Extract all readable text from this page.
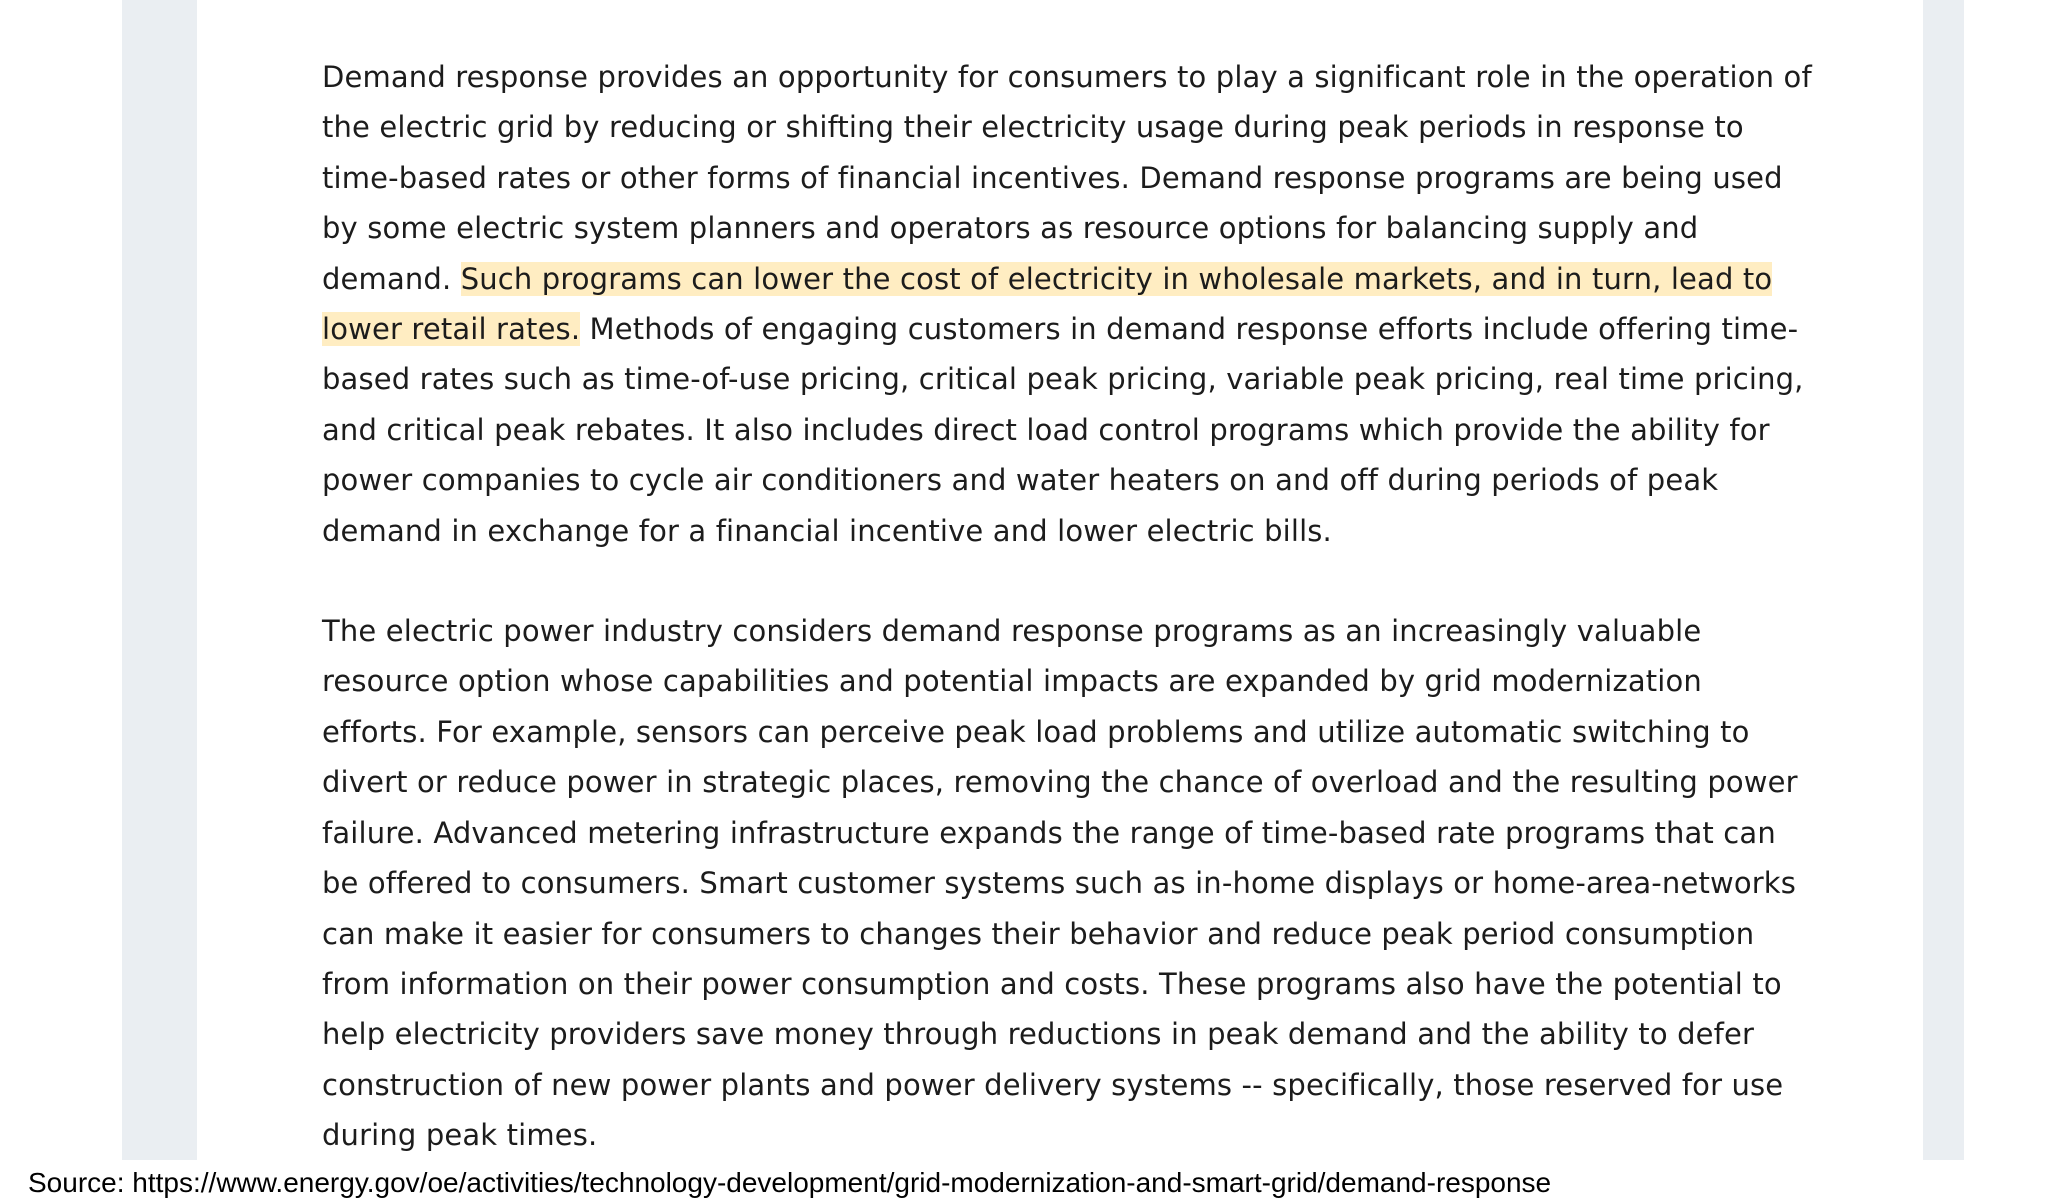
Demand response provides an opportunity for consumers to play a significant role in the operation of the electric grid by reducing or shifting their electricity usage during peak periods in response to time-based rates or other forms of financial incentives. Demand response programs are being used by some electric system planners and operators as resource options for balancing supply and demand. Such programs can lower the cost of electricity in wholesale markets, and in turn, lead to lower retail rates. Methods of engaging customers in demand response efforts include offering time-based rates such as time-of-use pricing, critical peak pricing, variable peak pricing, real time pricing, and critical peak rebates. It also includes direct load control programs which provide the ability for power companies to cycle air conditioners and water heaters on and off during periods of peak demand in exchange for a financial incentive and lower electric bills.

The electric power industry considers demand response programs as an increasingly valuable resource option whose capabilities and potential impacts are expanded by grid modernization efforts. For example, sensors can perceive peak load problems and utilize automatic switching to divert or reduce power in strategic places, removing the chance of overload and the resulting power failure. Advanced metering infrastructure expands the range of time-based rate programs that can be offered to consumers. Smart customer systems such as in-home displays or home-area-networks can make it easier for consumers to changes their behavior and reduce peak period consumption from information on their power consumption and costs. These programs also have the potential to help electricity providers save money through reductions in peak demand and the ability to defer construction of new power plants and power delivery systems -- specifically, those reserved for use during peak times.

Source: https://www.energy.gov/oe/activities/technology-development/grid-modernization-and-smart-grid/demand-response
